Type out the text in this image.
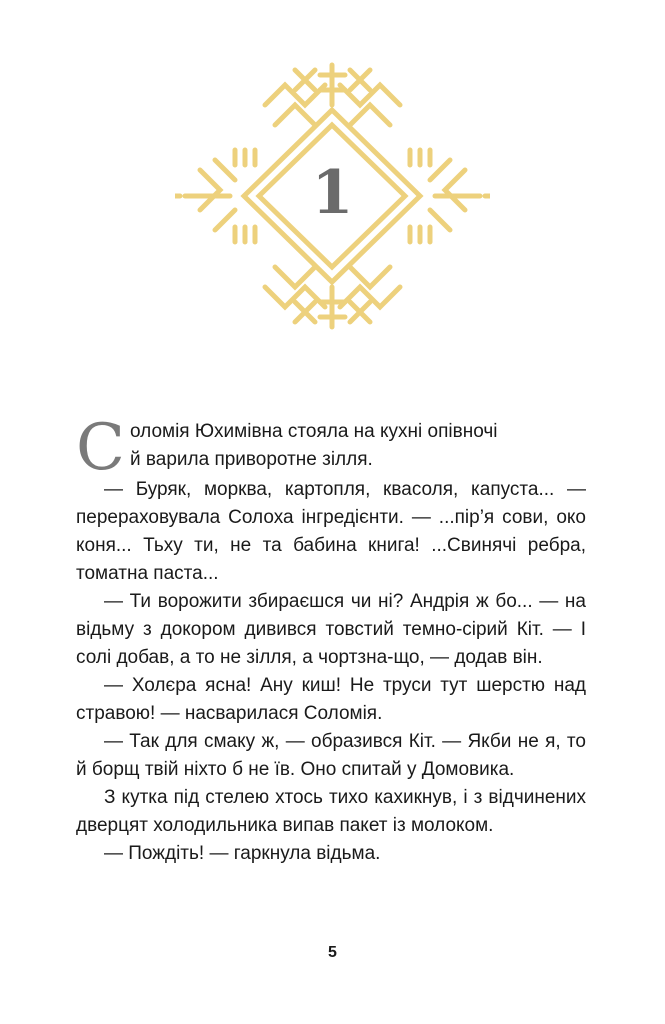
1
С оломія Юхимівна стояла на кухні опівночі

й варила приворотне зілля.

— Буряк, морква, картопля, квасоля, капуста... — перераховувала Солоха інгредієнти. — ...пір’я сови, око коня... Тьху ти, не та бабина книга! ...Свинячі ребра, томатна паста...

— Ти ворожити збираєшся чи ні? Андрія ж бо... — на відьму з докором дивився товстий темно-сірий Кіт. — І солі добав, а то не зілля, а чортзна-що, — додав він.

— Холєра ясна! Ану киш! Не труси тут шерстю над стравою! — насварилася Соломія.

— Так для смаку ж, — образився Кіт. — Якби не я, то й борщ твій ніхто б не їв. Оно спитай у Домовика.

З кутка під стелею хтось тихо кахикнув, і з відчинених дверцят холодильника випав пакет із молоком.

— Пождіть! — гаркнула відьма.

5
